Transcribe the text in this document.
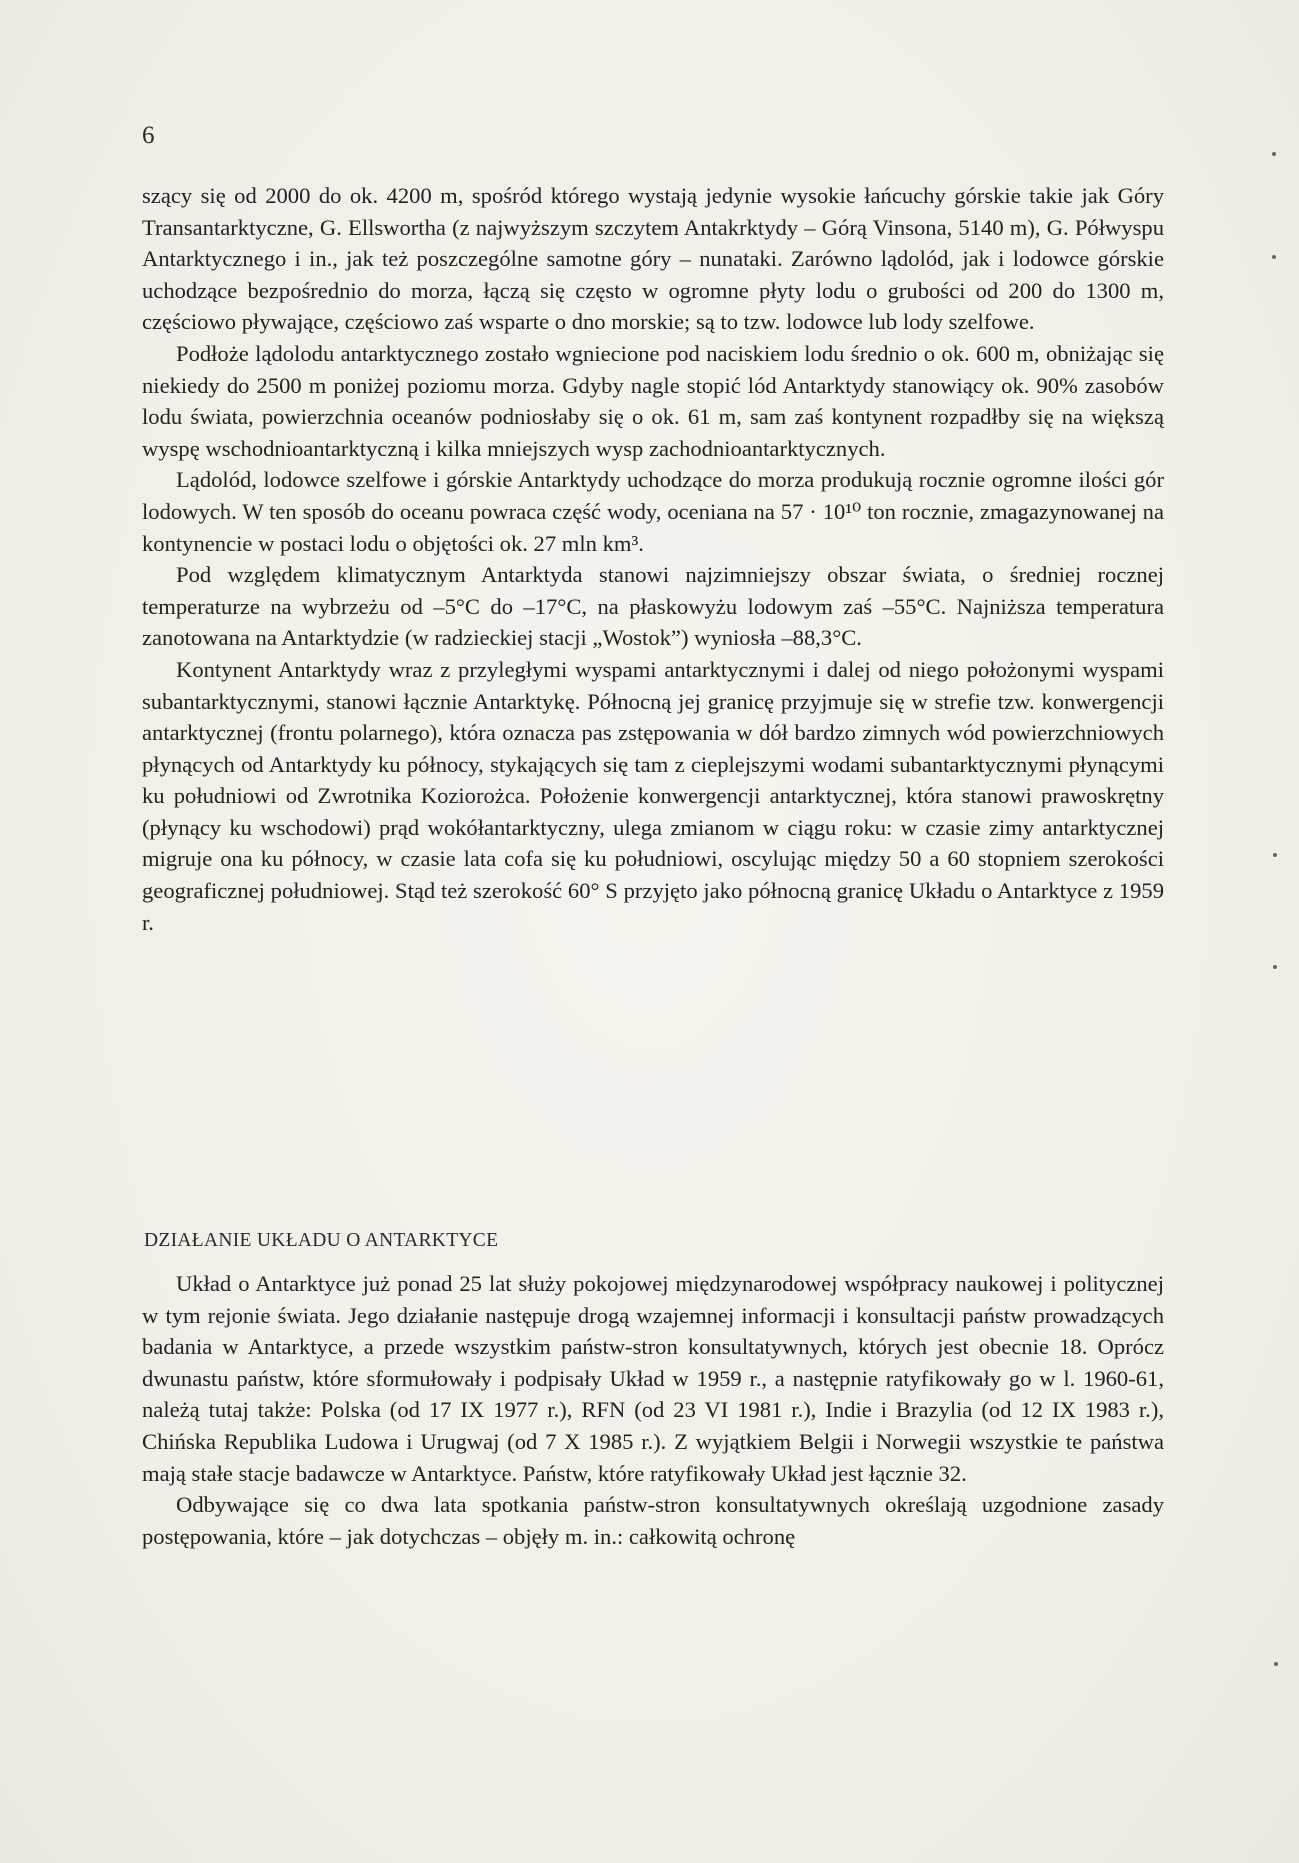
6

szący się od 2000 do ok. 4200 m, spośród którego wystają jedynie wysokie łańcuchy górskie takie jak Góry Transantarktyczne, G. Ellswortha (z najwyższym szczytem Antakrktydy – Górą Vinsona, 5140 m), G. Półwyspu Antarktycznego i in., jak też poszczególne samotne góry – nunataki. Zarówno lądolód, jak i lodowce górskie uchodzące bezpośrednio do morza, łączą się często w ogromne płyty lodu o grubości od 200 do 1300 m, częściowo pływające, częściowo zaś wsparte o dno morskie; są to tzw. lodowce lub lody szelfowe.

Podłoże lądolodu antarktycznego zostało wgniecione pod naciskiem lodu średnio o ok. 600 m, obniżając się niekiedy do 2500 m poniżej poziomu morza. Gdyby nagle stopić lód Antarktydy stanowiący ok. 90% zasobów lodu świata, powierzchnia oceanów podniosłaby się o ok. 61 m, sam zaś kontynent rozpadłby się na większą wyspę wschodnioantarktyczną i kilka mniejszych wysp zachodnioantarktycznych.

Lądolód, lodowce szelfowe i górskie Antarktydy uchodzące do morza produkują rocznie ogromne ilości gór lodowych. W ten sposób do oceanu powraca część wody, oceniana na 57 · 10¹⁰ ton rocznie, zmagazynowanej na kontynencie w postaci lodu o objętości ok. 27 mln km³.

Pod względem klimatycznym Antarktyda stanowi najzimniejszy obszar świata, o średniej rocznej temperaturze na wybrzeżu od –5°C do –17°C, na płaskowyżu lodowym zaś –55°C. Najniższa temperatura zanotowana na Antarktydzie (w radzieckiej stacji „Wostok”) wyniosła –88,3°C.

Kontynent Antarktydy wraz z przyległymi wyspami antarktycznymi i dalej od niego położonymi wyspami subantarktycznymi, stanowi łącznie Antarktykę. Północną jej granicę przyjmuje się w strefie tzw. konwergencji antarktycznej (frontu polarnego), która oznacza pas zstępowania w dół bardzo zimnych wód powierzchniowych płynących od Antarktydy ku północy, stykających się tam z cieplejszymi wodami subantarktycznymi płynącymi ku południowi od Zwrotnika Koziorożca. Położenie konwergencji antarktycznej, która stanowi prawoskrętny (płynący ku wschodowi) prąd wokółantarktyczny, ulega zmianom w ciągu roku: w czasie zimy antarktycznej migruje ona ku północy, w czasie lata cofa się ku południowi, oscylując między 50 a 60 stopniem szerokości geograficznej południowej. Stąd też szerokość 60° S przyjęto jako północną granicę Układu o Antarktyce z 1959 r.

DZIAŁANIE UKŁADU O ANTARKTYCE

Układ o Antarktyce już ponad 25 lat służy pokojowej międzynarodowej współpracy naukowej i politycznej w tym rejonie świata. Jego działanie następuje drogą wzajemnej informacji i konsultacji państw prowadzących badania w Antarktyce, a przede wszystkim państw-stron konsultatywnych, których jest obecnie 18. Oprócz dwunastu państw, które sformułowały i podpisały Układ w 1959 r., a następnie ratyfikowały go w l. 1960-61, należą tutaj także: Polska (od 17 IX 1977 r.), RFN (od 23 VI 1981 r.), Indie i Brazylia (od 12 IX 1983 r.), Chińska Republika Ludowa i Urugwaj (od 7 X 1985 r.). Z wyjątkiem Belgii i Norwegii wszystkie te państwa mają stałe stacje badawcze w Antarktyce. Państw, które ratyfikowały Układ jest łącznie 32.

Odbywające się co dwa lata spotkania państw-stron konsultatywnych określają uzgodnione zasady postępowania, które – jak dotychczas – objęły m. in.: całkowitą ochronę
